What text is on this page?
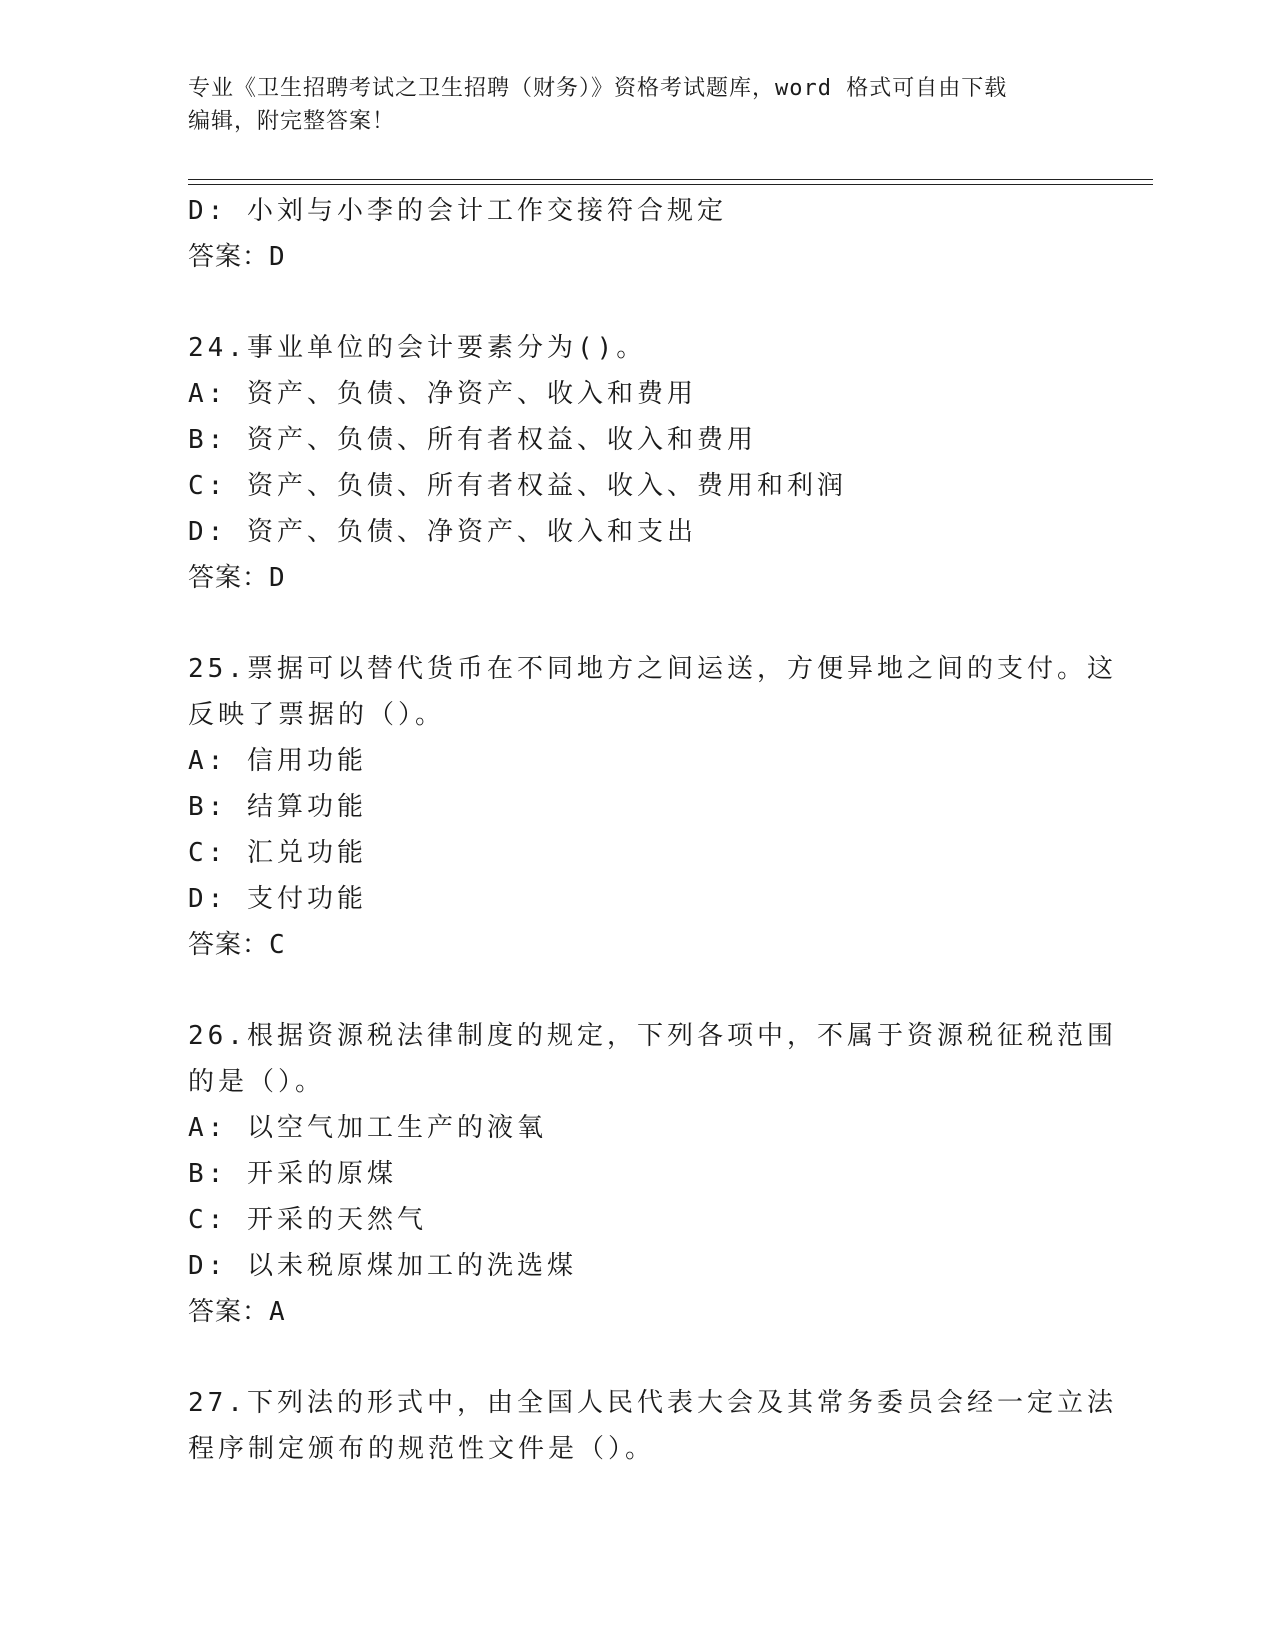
专业《卫生招聘考试之卫生招聘（财务）》资格考试题库，word 格式可自由下载
编辑，附完整答案！
D: 小刘与小李的会计工作交接符合规定
答案：D
24.事业单位的会计要素分为()。
A: 资产、负债、净资产、收入和费用
B: 资产、负债、所有者权益、收入和费用
C: 资产、负债、所有者权益、收入、费用和利润
D: 资产、负债、净资产、收入和支出
答案：D
25.票据可以替代货币在不同地方之间运送，方便异地之间的支付。这
反映了票据的（）。
A: 信用功能
B: 结算功能
C: 汇兑功能
D: 支付功能
答案：C
26.根据资源税法律制度的规定，下列各项中，不属于资源税征税范围
的是（）。
A: 以空气加工生产的液氧
B: 开采的原煤
C: 开采的天然气
D: 以未税原煤加工的洗选煤
答案：A
27.下列法的形式中，由全国人民代表大会及其常务委员会经一定立法
程序制定颁布的规范性文件是（）。
